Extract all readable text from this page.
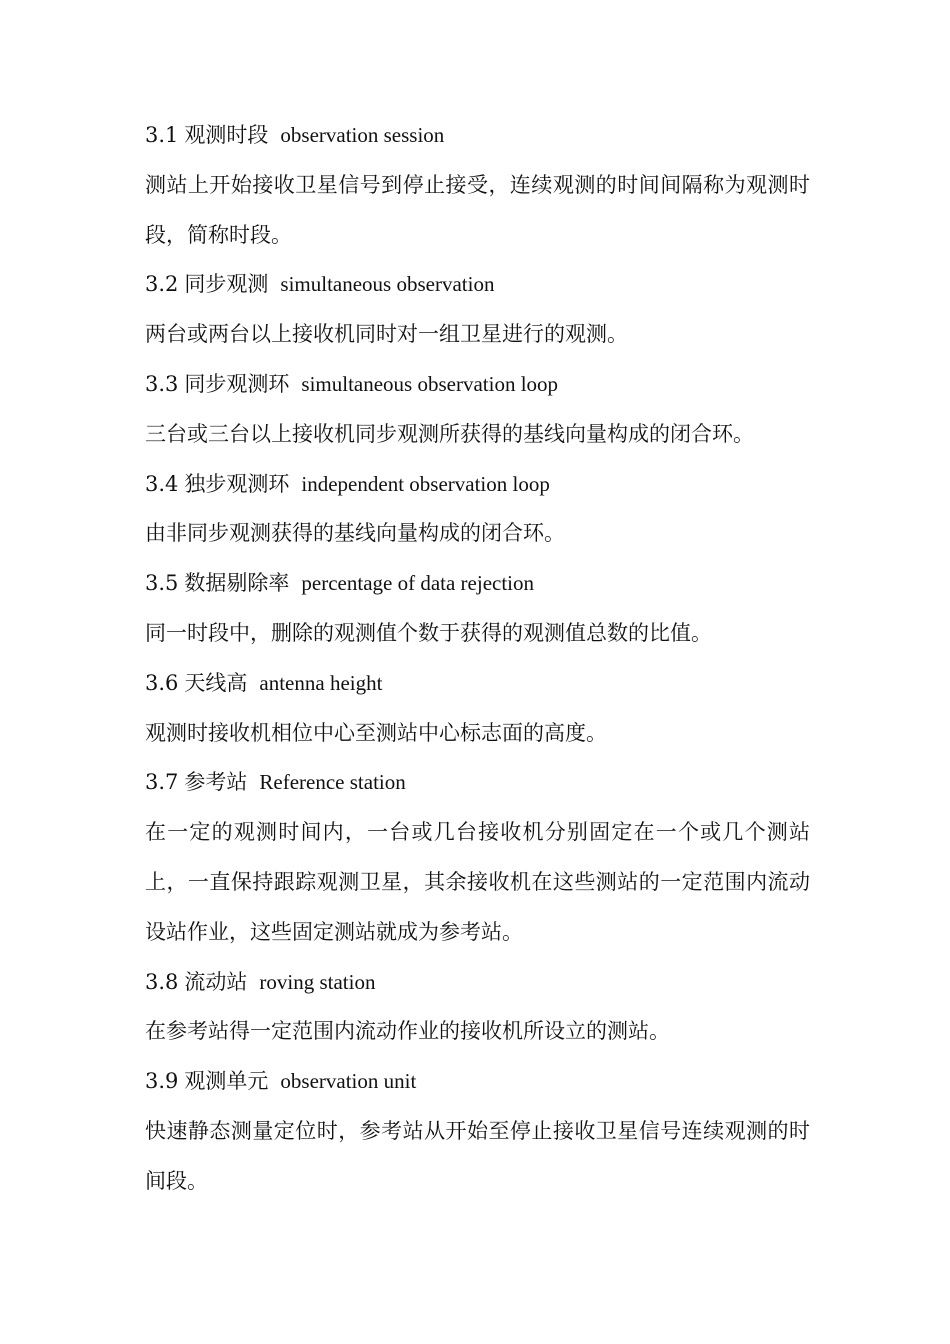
3.1 观测时段 observation session
测站上开始接收卫星信号到停止接受，连续观测的时间间隔称为观测时段，简称时段。
3.2 同步观测 simultaneous observation
两台或两台以上接收机同时对一组卫星进行的观测。
3.3 同步观测环 simultaneous observation loop
三台或三台以上接收机同步观测所获得的基线向量构成的闭合环。
3.4 独步观测环 independent observation loop
由非同步观测获得的基线向量构成的闭合环。
3.5 数据剔除率 percentage of data rejection
同一时段中，删除的观测值个数于获得的观测值总数的比值。
3.6 天线高 antenna height
观测时接收机相位中心至测站中心标志面的高度。
3.7 参考站 Reference station
在一定的观测时间内，一台或几台接收机分别固定在一个或几个测站上，一直保持跟踪观测卫星，其余接收机在这些测站的一定范围内流动设站作业，这些固定测站就成为参考站。
3.8 流动站 roving station
在参考站得一定范围内流动作业的接收机所设立的测站。
3.9 观测单元 observation unit
快速静态测量定位时，参考站从开始至停止接收卫星信号连续观测的时间段。
